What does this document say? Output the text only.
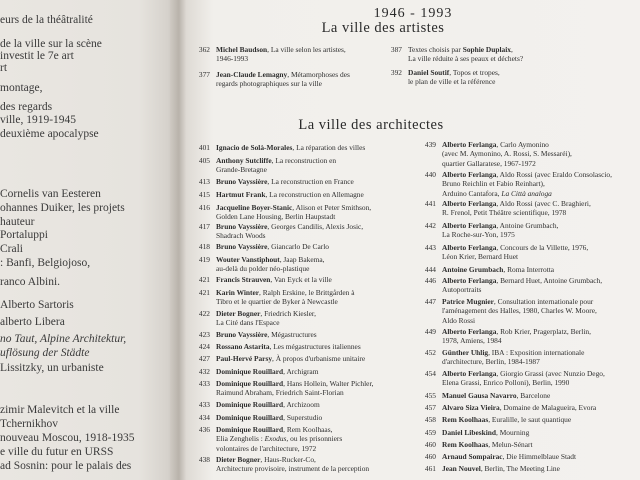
eurs de la théâtralité
de la ville sur la scène
investit le 7e art
rt
montage,
des regards
ville, 1919-1945
deuxième apocalypse
Cornelis van Eesteren
ohannes Duiker, les projets
hauteur
Portaluppi
Crali
: Banfi, Belgiojoso,
ranco Albini.
Alberto Sartoris
alberto Libera
no Taut, Alpine Architektur,
uflösung der Städte
Lissitzky, un urbaniste
zimir Malevitch et la ville
Tchernikhov
nouveau Moscou, 1918-1935
e ville du futur en URSS
ad Sosnin: pour le palais des
1946 - 1993
La ville des artistes
La ville des architectes
362 Michel Baudson, La ville selon les artistes,
1946-1993
377 Jean-Claude Lemagny, Métamorphoses des
regards photographiques sur la ville
387 Textes choisis par Sophie Duplaix,
La ville réduite à ses peaux et déchets?
392 Daniel Soutif, Topos et tropes,
le plan de ville et la référence
401 Ignacio de Solà-Morales, La réparation des villes
405 Anthony Sutcliffe, La reconstruction en
Grande-Bretagne
413 Bruno Vayssière, La reconstruction en France
415 Hartmut Frank, La reconstruction en Allemagne
416 Jacqueline Boyer-Stanic, Alison et Peter Smithson,
Golden Lane Housing, Berlin Haupstadt
417 Bruno Vayssière, Georges Candilis, Alexis Josic,
Shadrach Woods
418 Bruno Vayssière, Giancarlo De Carlo
419 Wouter Vanstiphout, Jaap Bakema,
au-delà du polder néo-plastique
421 Francis Strauven, Van Eyck et la ville
421 Karin Winter, Ralph Erskine, le Brittgården à
Tibro et le quartier de Byker à Newcastle
422 Dieter Bogner, Friedrich Kiesler,
La Cité dans l'Espace
423 Bruno Vayssière, Mégastructures
424 Rossano Astarita, Les mégastructures italiennes
427 Paul-Hervé Parsy, À propos d'urbanisme unitaire
432 Dominique Rouillard, Archigram
433 Dominique Rouillard, Hans Hollein, Walter Pichler,
Raimund Abraham, Friedrich Saint-Florian
433 Dominique Rouillard, Archizoom
434 Dominique Rouillard, Superstudio
436 Dominique Rouillard, Rem Koolhaas,
Elia Zenghelis : Exodus, ou les prisonniers
volontaires de l'architecture, 1972
438 Dieter Bogner, Haus-Rucker-Co,
Architecture provisoire, instrument de la perception
439 Alberto Ferlanga, Carlo Aymonino
(avec M. Aymonino, A. Rossi, S. Messaréi),
quartier Gallaratese, 1967-1972
440 Alberto Ferlanga, Aldo Rossi (avec Eraldo Consolascio,
Bruno Reichlin et Fabio Reinhart),
Arduino Cantafora, La Città analoga
441 Alberto Ferlanga, Aldo Rossi (avec C. Braghieri,
R. Frenol, Petit Théâtre scientifique, 1978
442 Alberto Ferlanga, Antoine Grumbach,
La Roche-sur-Yon, 1975
443 Alberto Ferlanga, Concours de la Villette, 1976,
Léon Krier, Bernard Huet
444 Antoine Grumbach, Roma Interrotta
446 Alberto Ferlanga, Bernard Huet, Antoine Grumbach,
Autoportraits
447 Patrice Mugnier, Consultation internationale pour
l'aménagement des Halles, 1980, Charles W. Moore,
Aldo Rossi
449 Alberto Ferlanga, Rob Krier, Pragerplatz, Berlin,
1978, Amiens, 1984
452 Günther Uhlig, IBA : Exposition internationale
d'architecture, Berlin, 1984-1987
454 Alberto Ferlanga, Giorgio Grassi (avec Nunzio Dego,
Elena Grassi, Enrico Polloni), Berlin, 1990
455 Manuel Gausa Navarro, Barcelone
457 Alvaro Siza Vieira, Domaine de Malagueira, Evora
458 Rem Koolhaas, Euralille, le saut quantique
459 Daniel Libeskind, Mourning
460 Rem Koolhaas, Melun-Sénart
460 Arnaud Sompairac, Die Himmelblaue Stadt
461 Jean Nouvel, Berlin, The Meeting Line
